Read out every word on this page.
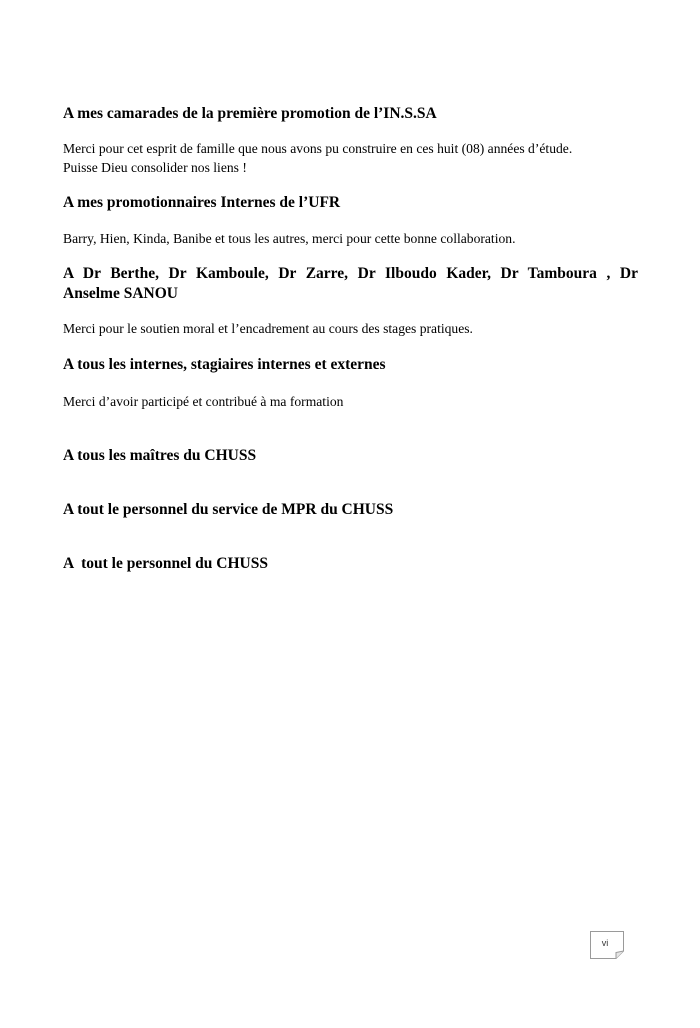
A mes camarades de la première promotion de l’IN.S.SA

Merci pour cet esprit de famille que nous avons pu construire en ces huit (08) années d’étude.

Puisse Dieu consolider nos liens !

A mes promotionnaires Internes de l’UFR

Barry, Hien, Kinda, Banibe et tous les autres, merci pour cette bonne collaboration.

A Dr Berthe, Dr Kamboule, Dr Zarre, Dr Ilboudo Kader, Dr Tamboura , Dr

Anselme SANOU

Merci pour le soutien moral et l’encadrement au cours des stages pratiques.

A tous les internes, stagiaires internes et externes

Merci d’avoir participé et contribué à ma formation

A tous les maîtres du CHUSS

A tout le personnel du service de MPR du CHUSS

A  tout le personnel du CHUSS

vi
